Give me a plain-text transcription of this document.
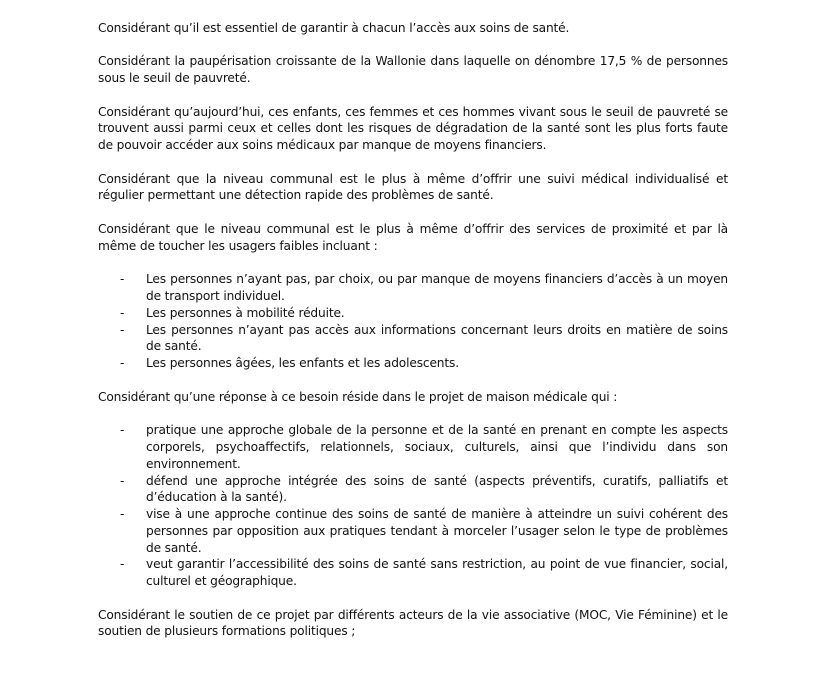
Considérant qu’il est essentiel de garantir à chacun l’accès aux soins de santé.

Considérant la paupérisation croissante de la Wallonie dans laquelle on dénombre 17,5 % de personnes sous le seuil de pauvreté.

Considérant qu’aujourd’hui, ces enfants, ces femmes et ces hommes vivant sous le seuil de pauvreté se trouvent aussi parmi ceux et celles dont les risques de dégradation de la santé sont les plus forts faute de pouvoir accéder aux soins médicaux par manque de moyens financiers.

Considérant que la niveau communal est le plus à même d’offrir une suivi médical individualisé et régulier permettant une détection rapide des problèmes de santé.

Considérant que le niveau communal est le plus à même d’offrir des services de proximité et par là même de toucher les usagers faibles incluant :

- Les personnes n’ayant pas, par choix, ou par manque de moyens financiers d’accès à un moyen de transport individuel.
- Les personnes à mobilité réduite.
- Les personnes n’ayant pas accès aux informations concernant leurs droits en matière de soins de santé.
- Les personnes âgées, les enfants et les adolescents.

Considérant qu’une réponse à ce besoin réside dans le projet de maison médicale qui :

- pratique une approche globale de la personne et de la santé en prenant en compte les aspects corporels, psychoaffectifs, relationnels, sociaux, culturels, ainsi que l’individu dans son environnement.
- défend une approche intégrée des soins de santé (aspects préventifs, curatifs, palliatifs et d’éducation à la santé).
- vise à une approche continue des soins de santé de manière à atteindre un suivi cohérent des personnes par opposition aux pratiques tendant à morceler l’usager selon le type de problèmes de santé.
- veut garantir l’accessibilité des soins de santé sans restriction, au point de vue financier, social, culturel et géographique.

Considérant le soutien de ce projet par différents acteurs de la vie associative (MOC, Vie Féminine) et le soutien de plusieurs formations politiques ;
